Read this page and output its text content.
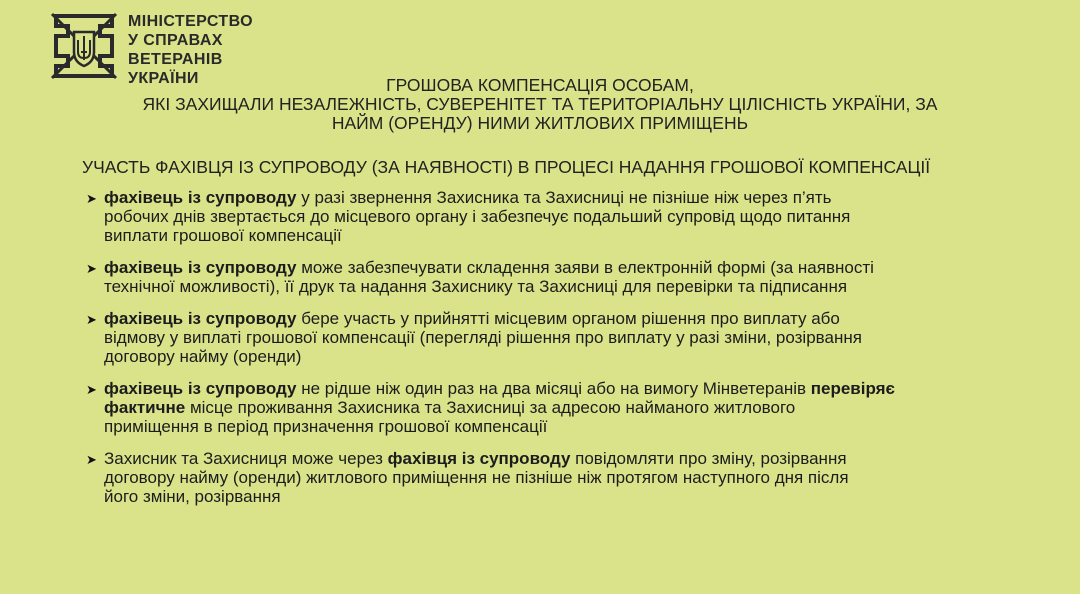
МІНІСТЕРСТВО
У СПРАВАХ
ВЕТЕРАНІВ
УКРАЇНИ	ГРОШОВА КОМПЕНСАЦІЯ ОСОБАМ,
ЯКІ ЗАХИЩАЛИ НЕЗАЛЕЖНІСТЬ, СУВЕРЕНІТЕТ ТА ТЕРИТОРІАЛЬНУ ЦІЛІСНІСТЬ УКРАЇНИ, ЗА
НАЙМ (ОРЕНДУ) НИМИ ЖИТЛОВИХ ПРИМІЩЕНЬ
УЧАСТЬ ФАХІВЦЯ ІЗ СУПРОВОДУ (ЗА НАЯВНОСТІ) В ПРОЦЕСІ НАДАННЯ ГРОШОВОЇ КОМПЕНСАЦІЇ
➤ фахівець із супроводу у разі звернення Захисника та Захисниці не пізніше ніж через п’ять
робочих днів звертається до місцевого органу і забезпечує подальший супровід щодо питання
виплати грошової компенсації
➤ фахівець із супроводу може забезпечувати складення заяви в електронній формі (за наявності
технічної можливості), її друк та надання Захиснику та Захисниці для перевірки та підписання
➤ фахівець із супроводу бере участь у прийнятті місцевим органом рішення про виплату або
відмову у виплаті грошової компенсації (перегляді рішення про виплату у разі зміни, розірвання
договору найму (оренди)
➤ фахівець із супроводу не рідше ніж один раз на два місяці або на вимогу Мінветеранів перевіряє
фактичне місце проживання Захисника та Захисниці за адресою найманого житлового
приміщення в період призначення грошової компенсації
➤ Захисник та Захисниця може через фахівця із супроводу повідомляти про зміну, розірвання
договору найму (оренди) житлового приміщення не пізніше ніж протягом наступного дня після
його зміни, розірвання
